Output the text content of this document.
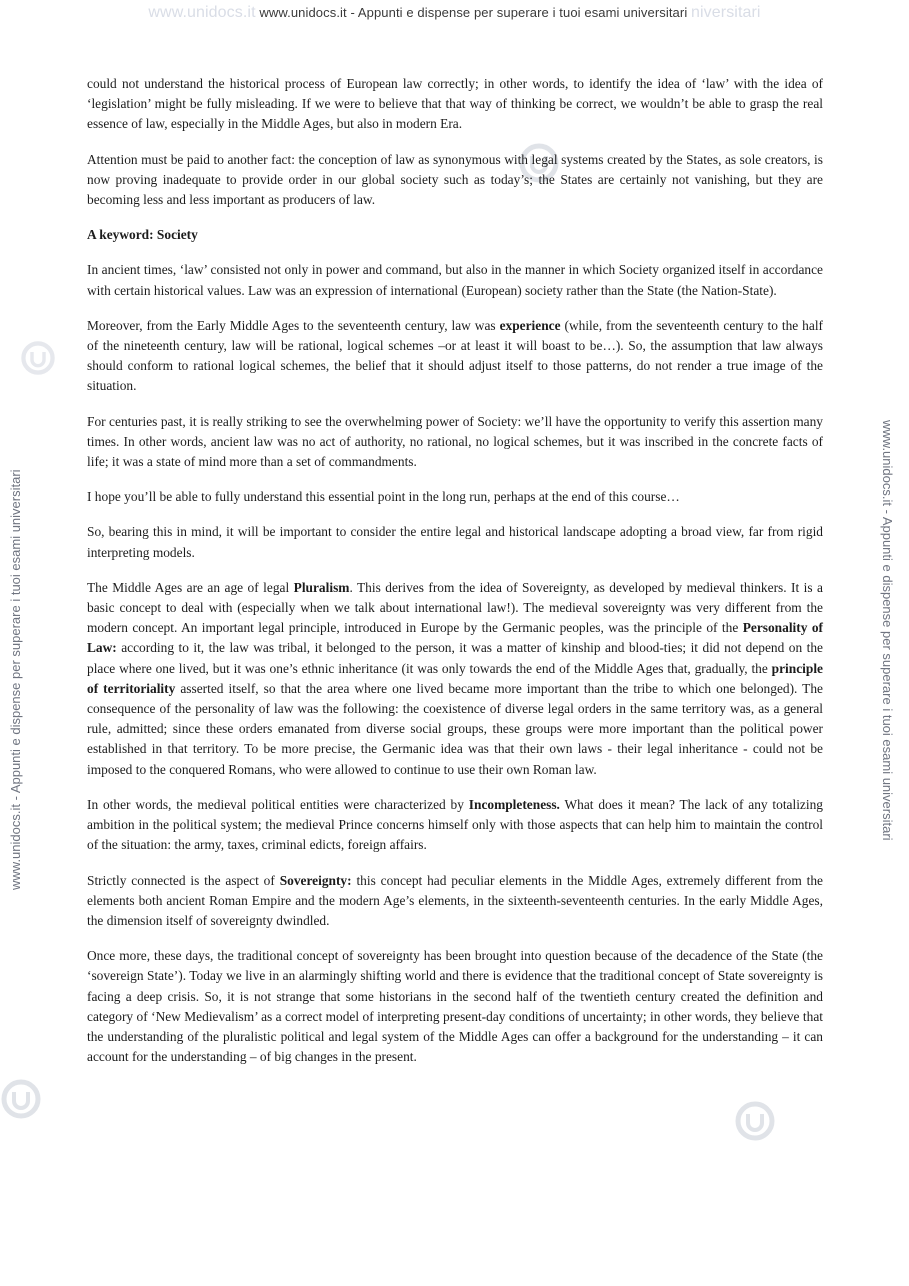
www.unidocs.it www.unidocs.it - Appunti e dispense per superare i tuoi esami universitari niversitari
www.unidocs.it - Appunti e dispense per superare i tuoi esami universitari	www.unidocs.it - Appunti e dispense per superare i tuoi esami universitari

could not understand the historical process of European law correctly; in other words, to identify the idea of ‘law’ with the idea of ‘legislation’ might be fully misleading. If we were to believe that that way of thinking be correct, we wouldn’t be able to grasp the real essence of law, especially in the Middle Ages, but also in modern Era.

Attention must be paid to another fact: the conception of law as synonymous with legal systems created by the States, as sole creators, is now proving inadequate to provide order in our global society such as today’s; the States are certainly not vanishing, but they are becoming less and less important as producers of law.

A keyword: Society

In ancient times, ‘law’ consisted not only in power and command, but also in the manner in which Society organized itself in accordance with certain historical values. Law was an expression of international (European) society rather than the State (the Nation-State).

Moreover, from the Early Middle Ages to the seventeenth century, law was experience (while, from the seventeenth century to the half of the nineteenth century, law will be rational, logical schemes –or at least it will boast to be…). So, the assumption that law always should conform to rational logical schemes, the belief that it should adjust itself to those patterns, do not render a true image of the situation.

For centuries past, it is really striking to see the overwhelming power of Society: we’ll have the opportunity to verify this assertion many times. In other words, ancient law was no act of authority, no rational, no logical schemes, but it was inscribed in the concrete facts of life; it was a state of mind more than a set of commandments.

I hope you’ll be able to fully understand this essential point in the long run, perhaps at the end of this course…

So, bearing this in mind, it will be important to consider the entire legal and historical landscape adopting a broad view, far from rigid interpreting models.

The Middle Ages are an age of legal Pluralism. This derives from the idea of Sovereignty, as developed by medieval thinkers. It is a basic concept to deal with (especially when we talk about international law!). The medieval sovereignty was very different from the modern concept. An important legal principle, introduced in Europe by the Germanic peoples, was the principle of the Personality of Law: according to it, the law was tribal, it belonged to the person, it was a matter of kinship and blood-ties; it did not depend on the place where one lived, but it was one’s ethnic inheritance (it was only towards the end of the Middle Ages that, gradually, the principle of territoriality asserted itself, so that the area where one lived became more important than the tribe to which one belonged). The consequence of the personality of law was the following: the coexistence of diverse legal orders in the same territory was, as a general rule, admitted; since these orders emanated from diverse social groups, these groups were more important than the political power established in that territory. To be more precise, the Germanic idea was that their own laws - their legal inheritance - could not be imposed to the conquered Romans, who were allowed to continue to use their own Roman law.

In other words, the medieval political entities were characterized by Incompleteness. What does it mean? The lack of any totalizing ambition in the political system; the medieval Prince concerns himself only with those aspects that can help him to maintain the control of the situation: the army, taxes, criminal edicts, foreign affairs.

Strictly connected is the aspect of Sovereignty: this concept had peculiar elements in the Middle Ages, extremely different from the elements both ancient Roman Empire and the modern Age’s elements, in the sixteenth-seventeenth centuries. In the early Middle Ages, the dimension itself of sovereignty dwindled.

Once more, these days, the traditional concept of sovereignty has been brought into question because of the decadence of the State (the ‘sovereign State’). Today we live in an alarmingly shifting world and there is evidence that the traditional concept of State sovereignty is facing a deep crisis. So, it is not strange that some historians in the second half of the twentieth century created the definition and category of ‘New Medievalism’ as a correct model of interpreting present-day conditions of uncertainty; in other words, they believe that the understanding of the pluralistic political and legal system of the Middle Ages can offer a background for the understanding – it can account for the understanding – of big changes in the present.
